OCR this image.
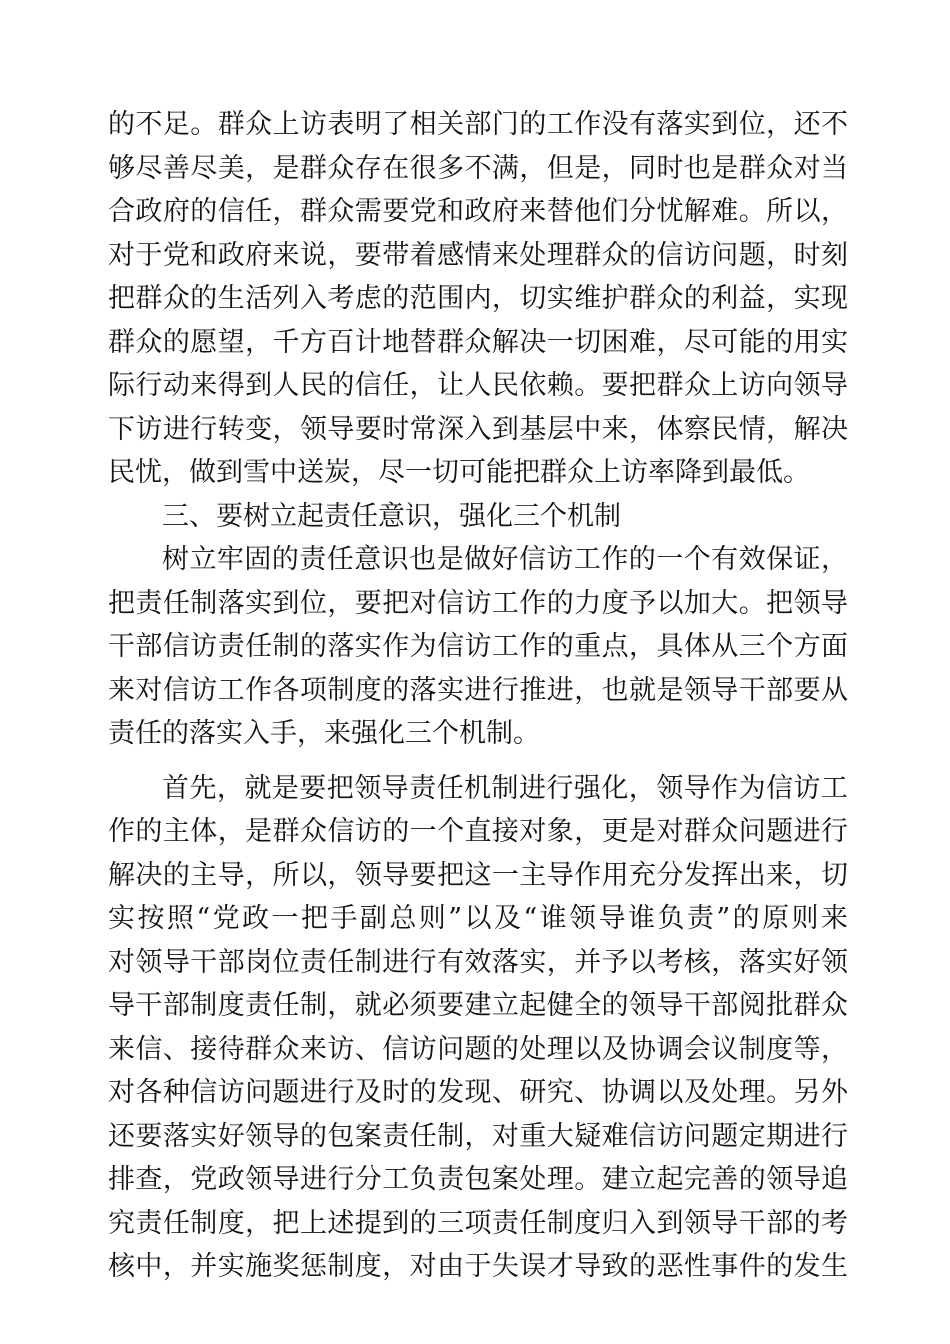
的不足。群众上访表明了相关部门的工作没有落实到位，还不
够尽善尽美，是群众存在很多不满，但是，同时也是群众对当
合政府的信任，群众需要党和政府来替他们分忧解难。所以，
对于党和政府来说，要带着感情来处理群众的信访问题，时刻
把群众的生活列入考虑的范围内，切实维护群众的利益，实现
群众的愿望，千方百计地替群众解决一切困难，尽可能的用实
际行动来得到人民的信任，让人民依赖。要把群众上访向领导
下访进行转变，领导要时常深入到基层中来，体察民情，解决
民忧，做到雪中送炭，尽一切可能把群众上访率降到最低。
三、要树立起责任意识，强化三个机制
树立牢固的责任意识也是做好信访工作的一个有效保证，
把责任制落实到位，要把对信访工作的力度予以加大。把领导
干部信访责任制的落实作为信访工作的重点，具体从三个方面
来对信访工作各项制度的落实进行推进，也就是领导干部要从
责任的落实入手，来强化三个机制。
首先，就是要把领导责任机制进行强化，领导作为信访工
作的主体，是群众信访的一个直接对象，更是对群众问题进行
解决的主导，所以，领导要把这一主导作用充分发挥出来，切
实按照“党政一把手副总则”以及“谁领导谁负责”的原则来
对领导干部岗位责任制进行有效落实，并予以考核，落实好领
导干部制度责任制，就必须要建立起健全的领导干部阅批群众
来信、接待群众来访、信访问题的处理以及协调会议制度等，
对各种信访问题进行及时的发现、研究、协调以及处理。另外
还要落实好领导的包案责任制，对重大疑难信访问题定期进行
排查，党政领导进行分工负责包案处理。建立起完善的领导追
究责任制度，把上述提到的三项责任制度归入到领导干部的考
核中，并实施奖惩制度，对由于失误才导致的恶性事件的发生
